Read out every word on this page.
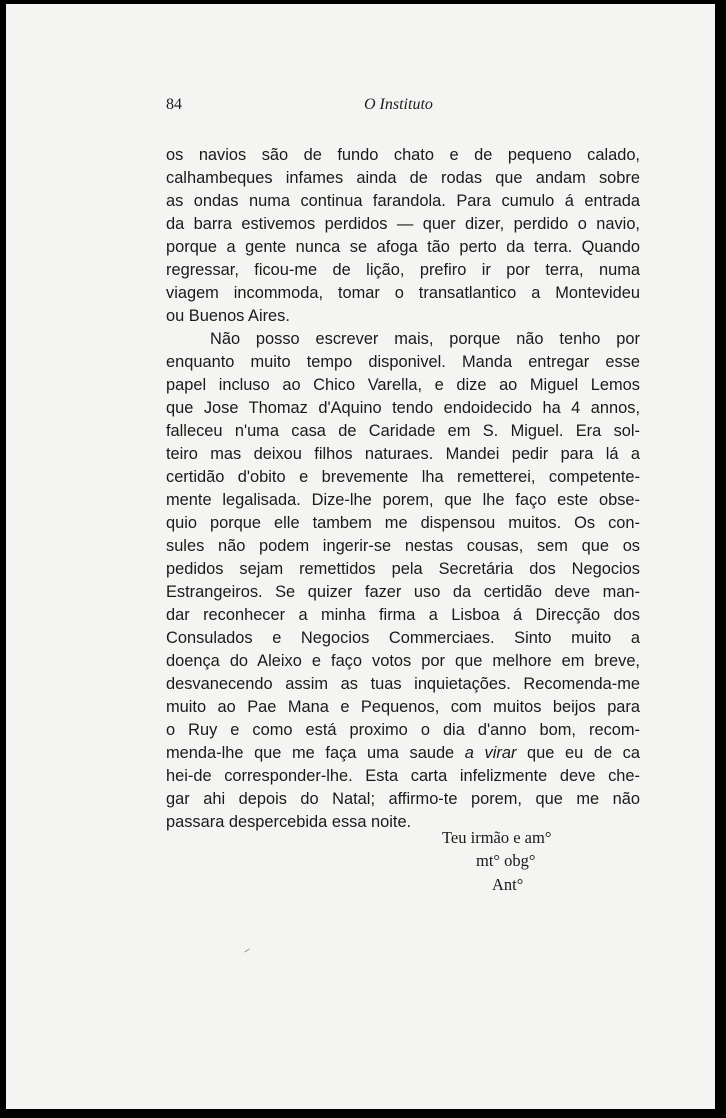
84	O Instituto
os navios são de fundo chato e de pequeno calado,
calhambeques infames ainda de rodas que andam sobre
as ondas numa continua farandola. Para cumulo á entrada
da barra estivemos perdidos — quer dizer, perdido o navio,
porque a gente nunca se afoga tão perto da terra. Quando
regressar, ficou-me de lição, prefiro ir por terra, numa
viagem incommoda, tomar o transatlantico a Montevideu
ou Buenos Aires.
Não posso escrever mais, porque não tenho por
enquanto muito tempo disponivel. Manda entregar esse
papel incluso ao Chico Varella, e dize ao Miguel Lemos
que Jose Thomaz d'Aquino tendo endoidecido ha 4 annos,
falleceu n'uma casa de Caridade em S. Miguel. Era sol-
teiro mas deixou filhos naturaes. Mandei pedir para lá a
certidão d'obito e brevemente lha remetterei, competente-
mente legalisada. Dize-lhe porem, que lhe faço este obse-
quio porque elle tambem me dispensou muitos. Os con-
sules não podem ingerir-se nestas cousas, sem que os
pedidos sejam remettidos pela Secretária dos Negocios
Estrangeiros. Se quizer fazer uso da certidão deve man-
dar reconhecer a minha firma a Lisboa á Direcção dos
Consulados e Negocios Commerciaes. Sinto muito a
doença do Aleixo e faço votos por que melhore em breve,
desvanecendo assim as tuas inquietações. Recomenda-me
muito ao Pae Mana e Pequenos, com muitos beijos para
o Ruy e como está proximo o dia d'anno bom, recom-
menda-lhe que me faça uma saude a virar que eu de ca
hei-de corresponder-lhe. Esta carta infelizmente deve che-
gar ahi depois do Natal; affirmo-te porem, que me não
passara despercebida essa noite.
Teu irmão e am°
mt° obg°
Ant°
